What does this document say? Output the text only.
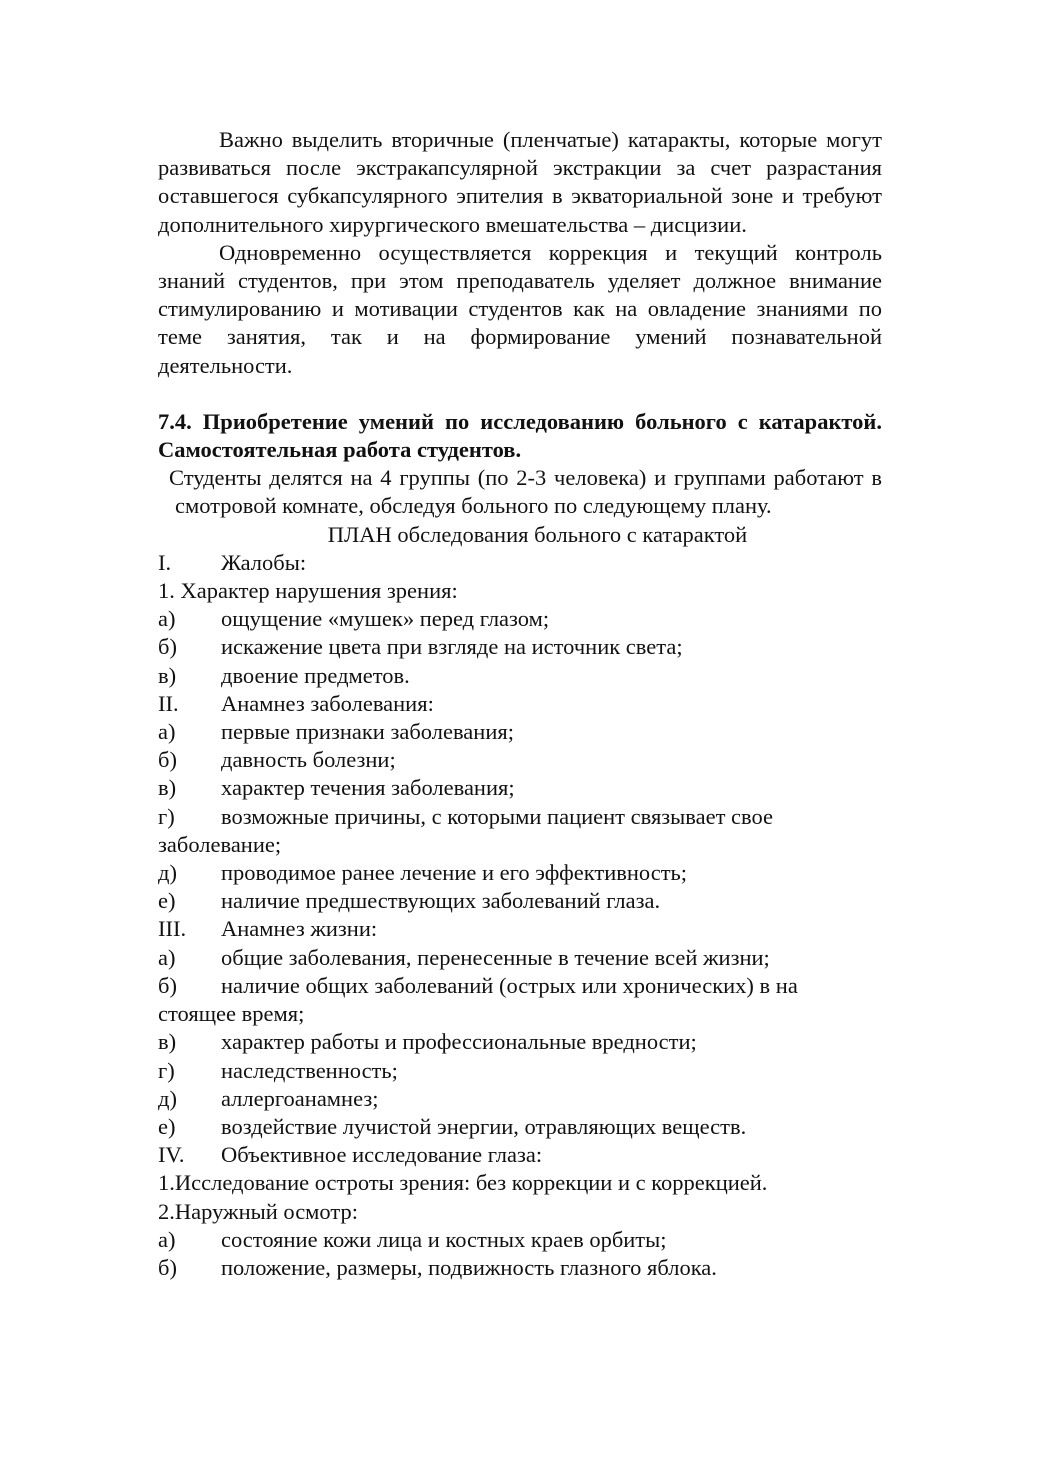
Важно выделить вторичные (пленчатые) катаракты, которые могут развиваться после экстракапсулярной экстракции за счет разрастания оставшегося субкапсулярного эпителия в экваториальной зоне и требуют дополнительного хирургического вмешательства – дисцизии.

Одновременно осуществляется коррекция и текущий контроль знаний студентов, при этом преподаватель уделяет должное внимание стимулированию и мотивации студентов как на овладение знаниями по теме занятия, так и на формирование умений познавательной деятельности.

7.4. Приобретение умений по исследованию больного с катарактой. Самостоятельная работа студентов.

Студенты делятся на 4 группы (по 2-3 человека) и группами работают в смотровой комнате, обследуя больного по следующему плану.

ПЛАН обследования больного с катарактой
I.	Жалобы:
1. Характер нарушения зрения:
а)	ощущение «мушек» перед глазом;
б)	искажение цвета при взгляде на источник света;
в)	двоение предметов.
II.	Анамнез заболевания:
а)	первые признаки заболевания;
б)	давность болезни;
в)	характер течения заболевания;
г)	возможные причины, с которыми пациент связывает свое
заболевание;
д)	проводимое ранее лечение и его эффективность;
е)	наличие предшествующих заболеваний глаза.
III.	Анамнез жизни:
а)	общие заболевания, перенесенные в течение всей жизни;
б)	наличие общих заболеваний (острых или хронических) в на
стоящее время;
в)	характер работы и профессиональные вредности;
г)	наследственность;
д)	аллергоанамнез;
е)	воздействие лучистой энергии, отравляющих веществ.
IV.	Объективное исследование глаза:
1.Исследование остроты зрения: без коррекции и с коррекцией.
2.Наружный осмотр:
а)	состояние кожи лица и костных краев орбиты;
б)	положение, размеры, подвижность глазного яблока.
